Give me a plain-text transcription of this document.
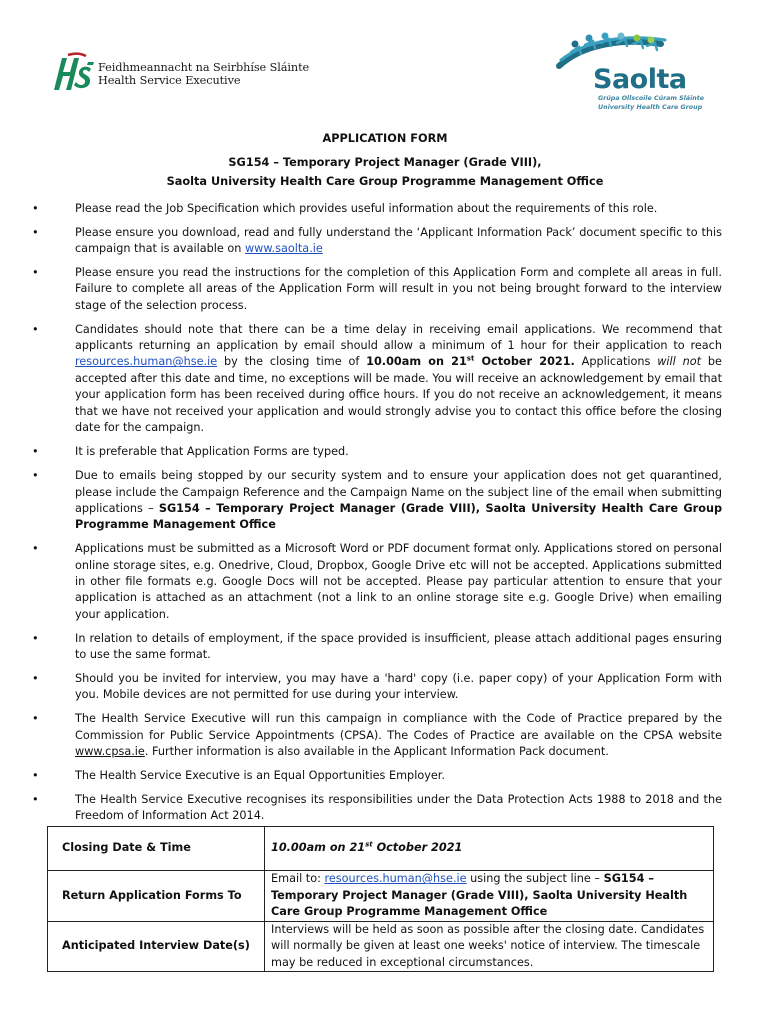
Feidhmeannacht na Seirbhíse Sláinte
Health Service Executive	Saolta
Grúpa Ollscoile Cúram Sláinte
University Health Care Group
APPLICATION FORM
SG154 – Temporary Project Manager (Grade VIII),
Saolta University Health Care Group Programme Management Office
•	Please read the Job Specification which provides useful information about the requirements of this role.
•	Please ensure you download, read and fully understand the ‘Applicant Information Pack’ document specific to this campaign that is available on www.saolta.ie
•	Please ensure you read the instructions for the completion of this Application Form and complete all areas in full. Failure to complete all areas of the Application Form will result in you not being brought forward to the interview stage of the selection process.
•	Candidates should note that there can be a time delay in receiving email applications. We recommend that applicants returning an application by email should allow a minimum of 1 hour for their application to reach resources.human@hse.ie by the closing time of 10.00am on 21st October 2021. Applications will not be accepted after this date and time, no exceptions will be made. You will receive an acknowledgement by email that your application form has been received during office hours. If you do not receive an acknowledgement, it means that we have not received your application and would strongly advise you to contact this office before the closing date for the campaign.
•	It is preferable that Application Forms are typed.
•	Due to emails being stopped by our security system and to ensure your application does not get quarantined, please include the Campaign Reference and the Campaign Name on the subject line of the email when submitting applications – SG154 – Temporary Project Manager (Grade VIII), Saolta University Health Care Group Programme Management Office
•	Applications must be submitted as a Microsoft Word or PDF document format only. Applications stored on personal online storage sites, e.g. Onedrive, Cloud, Dropbox, Google Drive etc will not be accepted. Applications submitted in other file formats e.g. Google Docs will not be accepted. Please pay particular attention to ensure that your application is attached as an attachment (not a link to an online storage site e.g. Google Drive) when emailing your application.
•	In relation to details of employment, if the space provided is insufficient, please attach additional pages ensuring to use the same format.
•	Should you be invited for interview, you may have a 'hard' copy (i.e. paper copy) of your Application Form with you. Mobile devices are not permitted for use during your interview.
•	The Health Service Executive will run this campaign in compliance with the Code of Practice prepared by the Commission for Public Service Appointments (CPSA). The Codes of Practice are available on the CPSA website www.cpsa.ie. Further information is also available in the Applicant Information Pack document.
•	The Health Service Executive is an Equal Opportunities Employer.
•	The Health Service Executive recognises its responsibilities under the Data Protection Acts 1988 to 2018 and the Freedom of Information Act 2014.
Closing Date & Time	10.00am on 21st October 2021
Return Application Forms To	Email to: resources.human@hse.ie using the subject line – SG154 – Temporary Project Manager (Grade VIII), Saolta University Health Care Group Programme Management Office
Anticipated Interview Date(s)	Interviews will be held as soon as possible after the closing date. Candidates will normally be given at least one weeks' notice of interview. The timescale may be reduced in exceptional circumstances.
